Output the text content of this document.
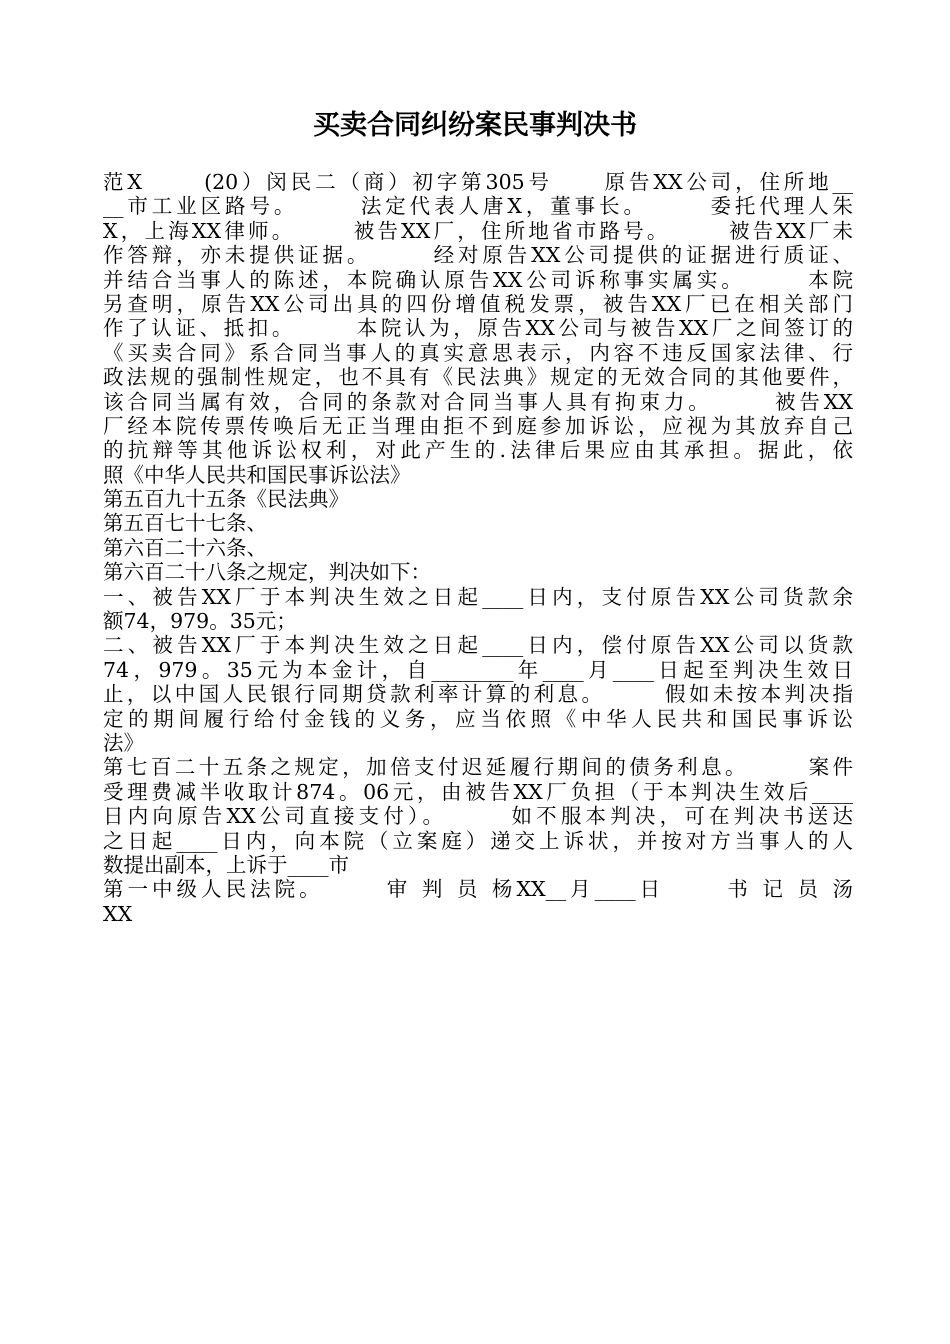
买卖合同纠纷案民事判决书
范X      (20）闵民二（商）初字第305号     原告XX公司，住所地__
__市工业区路号。      法定代表人唐X，董事长。      委托代理人朱
X，上海XX律师。      被告XX厂，住所地省市路号。      被告XX厂未
作答辩，亦未提供证据。      经对原告XX公司提供的证据进行质证、
并结合当事人的陈述，本院确认原告XX公司诉称事实属实。      本院
另查明，原告XX公司出具的四份增值税发票，被告XX厂已在相关部门
作了认证、抵扣。      本院认为，原告XX公司与被告XX厂之间签订的
《买卖合同》系合同当事人的真实意思表示，内容不违反国家法律、行
政法规的强制性规定，也不具有《民法典》规定的无效合同的其他要件，
该合同当属有效，合同的条款对合同当事人具有拘束力。      被告XX
厂经本院传票传唤后无正当理由拒不到庭参加诉讼，应视为其放弃自己
的抗辩等其他诉讼权利，对此产生的.法律后果应由其承担。据此，依
照《中华人民共和国民事诉讼法》
第五百九十五条《民法典》
第五百七十七条、
第六百二十六条、
第六百二十八条之规定，判决如下：
一、被告XX厂于本判决生效之日起____日内，支付原告XX公司货款余
额74，979。35元；
二、被告XX厂于本判决生效之日起____日内，偿付原告XX公司以货款
74，979。35元为本金计，自________年____月____日起至判决生效日
止，以中国人民银行同期贷款利率计算的利息。      假如未按本判决指
定的期间履行给付金钱的义务，应当依照《中华人民共和国民事诉讼
法》
第七百二十五条之规定，加倍支付迟延履行期间的债务利息。      案件
受理费减半收取计874。06元，由被告XX厂负担（于本判决生效后____
日内向原告XX公司直接支付）。      如不服本判决，可在判决书送达
之日起____日内，向本院（立案庭）递交上诉状，并按对方当事人的人
数提出副本，上诉于____市
第一中级人民法院。      审 判 员 杨XX__月____日      书 记 员 汤
XX
